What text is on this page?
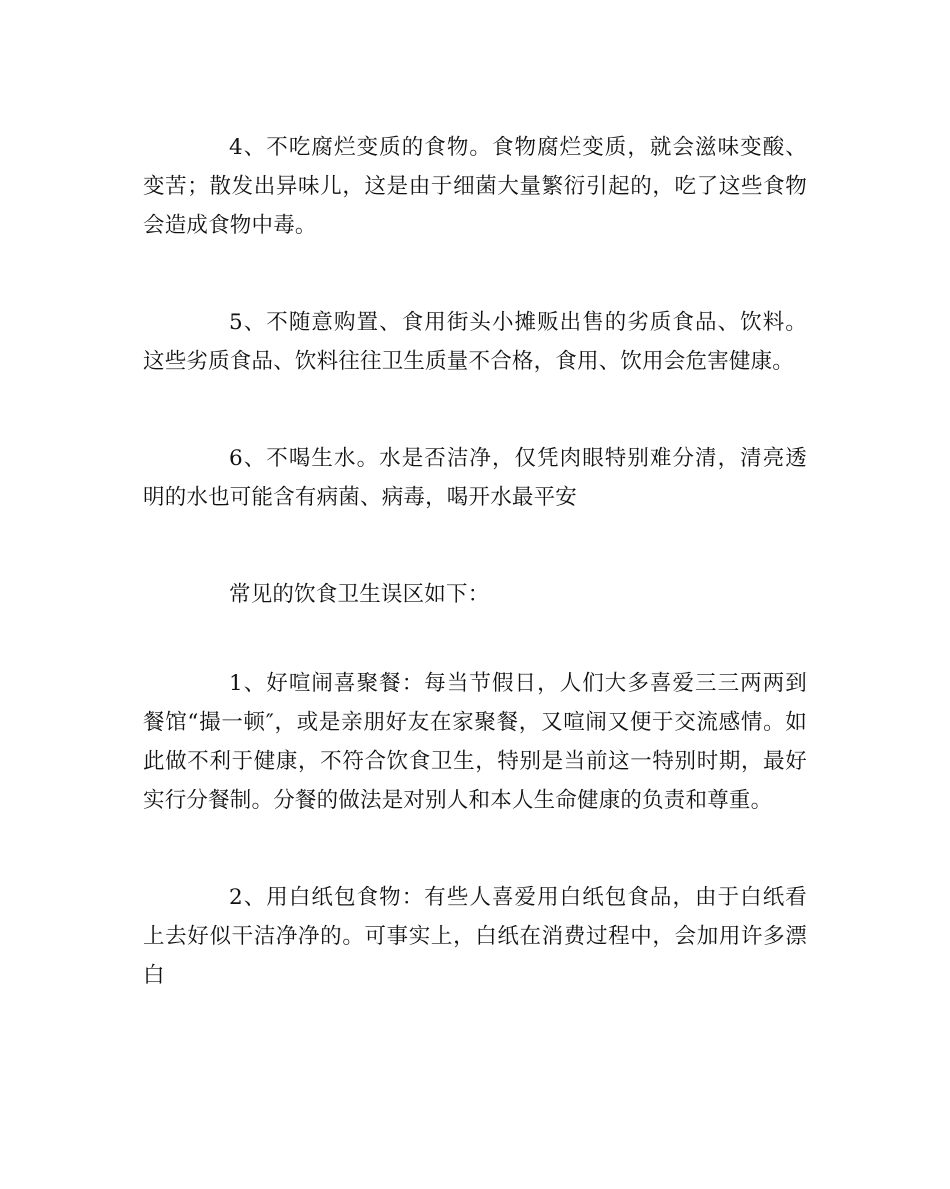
4、不吃腐烂变质的食物。食物腐烂变质，就会滋味变酸、变苦；散发出异味儿，这是由于细菌大量繁衍引起的，吃了这些食物会造成食物中毒。

5、不随意购置、食用街头小摊贩出售的劣质食品、饮料。这些劣质食品、饮料往往卫生质量不合格，食用、饮用会危害健康。

6、不喝生水。水是否洁净，仅凭肉眼特别难分清，清亮透明的水也可能含有病菌、病毒，喝开水最平安

常见的饮食卫生误区如下：

1、好喧闹喜聚餐：每当节假日，人们大多喜爱三三两两到餐馆“撮一顿″，或是亲朋好友在家聚餐，又喧闹又便于交流感情。如此做不利于健康，不符合饮食卫生，特别是当前这一特别时期，最好实行分餐制。分餐的做法是对别人和本人生命健康的负责和尊重。

2、用白纸包食物：有些人喜爱用白纸包食品，由于白纸看上去好似干洁净净的。可事实上，白纸在消费过程中，会加用许多漂白
